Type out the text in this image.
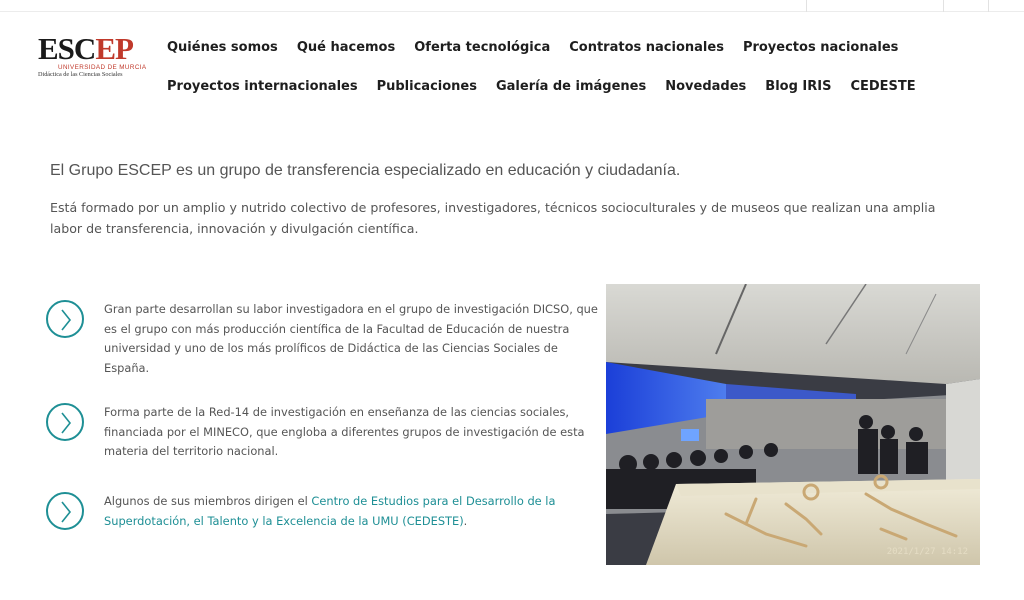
ESCEP
UNIVERSIDAD DE MURCIA
Didáctica de las Ciencias Sociales
Quiénes somos Qué hacemos Oferta tecnológica Contratos nacionales Proyectos nacionales
Proyectos internacionales Publicaciones Galería de imágenes Novedades Blog IRIS CEDESTE
El Grupo ESCEP es un grupo de transferencia especializado en educación y ciudadanía.

Está formado por un amplio y nutrido colectivo de profesores, investigadores, técnicos socioculturales y de museos que realizan una amplia labor de transferencia, innovación y divulgación científica.

Gran parte desarrollan su labor investigadora en el grupo de investigación DICSO, que es el grupo con más producción científica de la Facultad de Educación de nuestra universidad y uno de los más prolíficos de Didáctica de las Ciencias Sociales de España.

Forma parte de la Red-14 de investigación en enseñanza de las ciencias sociales, financiada por el MINECO, que engloba a diferentes grupos de investigación de esta materia del territorio nacional.

Algunos de sus miembros dirigen el Centro de Estudios para el Desarrollo de la Superdotación, el Talento y la Excelencia de la UMU (CEDESTE).

2021/1/27 14:12
